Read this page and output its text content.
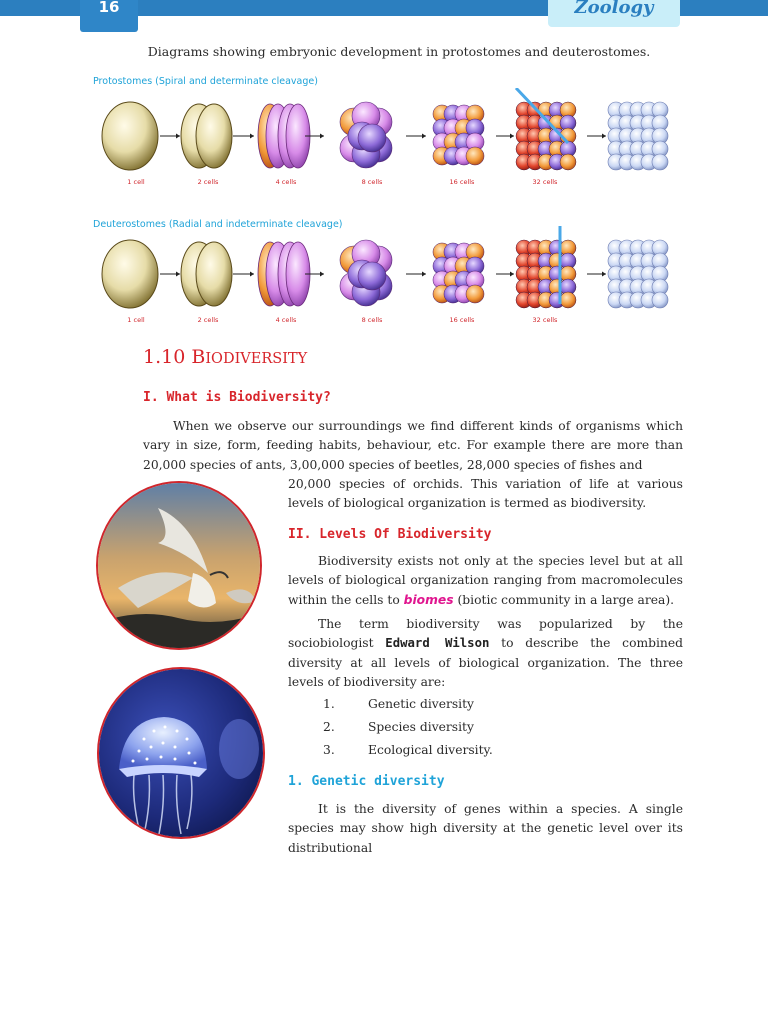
16	Zoology
Diagrams showing embryonic development in protostomes and deuterostomes.
Protostomes (Spiral and determinate cleavage)
1 cell	2 cells	4 cells	8 cells	16 cells	32 cells
Deuterostomes (Radial and indeterminate cleavage)
1 cell	2 cells	4 cells	8 cells	16 cells	32 cells
1.10 BIODIVERSITY
I. What is Biodiversity?

When we observe our surroundings we find different kinds of organisms which vary in size, form, feeding habits, behaviour, etc. For example there are more than 20,000 species of ants, 3,00,000 species of beetles, 28,000 species of fishes and

20,000 species of orchids. This variation of life at various levels of biological organization is termed as biodiversity.

II. Levels Of Biodiversity

Biodiversity exists not only at the species level but at all levels of biological organization ranging from macromolecules within the cells to biomes (biotic community in a large area).

The term biodiversity was popularized by the sociobiologist Edward Wilson to describe the combined diversity at all levels of biological organization. The three levels of biodiversity are:

1.	Genetic diversity
2.	Species diversity
3.	Ecological diversity.
1. Genetic diversity

It is the diversity of genes within a species. A single species may show high diversity at the genetic level over its distributional
